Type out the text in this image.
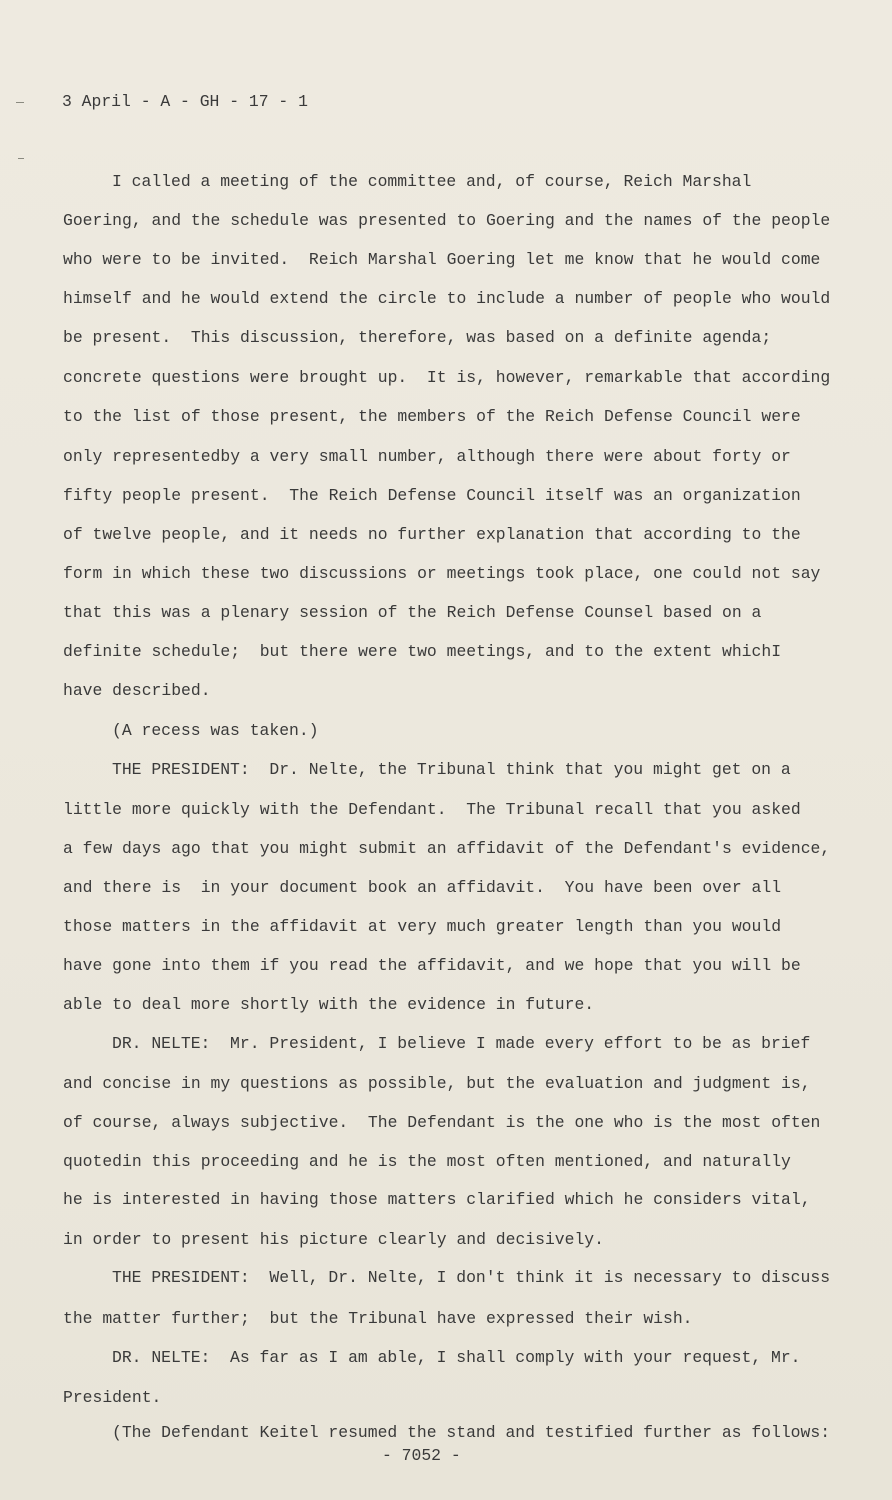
3 April - A - GH - 17 - 1
I called a meeting of the committee and, of course, Reich Marshal
Goering, and the schedule was presented to Goering and the names of the people
who were to be invited.  Reich Marshal Goering let me know that he would come
himself and he would extend the circle to include a number of people who would
be present.  This discussion, therefore, was based on a definite agenda;
concrete questions were brought up.  It is, however, remarkable that according
to the list of those present, the members of the Reich Defense Council were
only representedby a very small number, although there were about forty or
fifty people present.  The Reich Defense Council itself was an organization
of twelve people, and it needs no further explanation that according to the
form in which these two discussions or meetings took place, one could not say
that this was a plenary session of the Reich Defense Counsel based on a
definite schedule;  but there were two meetings, and to the extent whichI
have described.
(A recess was taken.)
THE PRESIDENT:  Dr. Nelte, the Tribunal think that you might get on a
little more quickly with the Defendant.  The Tribunal recall that you asked
a few days ago that you might submit an affidavit of the Defendant's evidence,
and there is  in your document book an affidavit.  You have been over all
those matters in the affidavit at very much greater length than you would
have gone into them if you read the affidavit, and we hope that you will be
able to deal more shortly with the evidence in future.
DR. NELTE:  Mr. President, I believe I made every effort to be as brief
and concise in my questions as possible, but the evaluation and judgment is,
of course, always subjective.  The Defendant is the one who is the most often
quotedin this proceeding and he is the most often mentioned, and naturally
he is interested in having those matters clarified which he considers vital,
in order to present his picture clearly and decisively.
THE PRESIDENT:  Well, Dr. Nelte, I don't think it is necessary to discuss
the matter further;  but the Tribunal have expressed their wish.
DR. NELTE:  As far as I am able, I shall comply with your request, Mr.
President.
(The Defendant Keitel resumed the stand and testified further as follows:
- 7052 -
